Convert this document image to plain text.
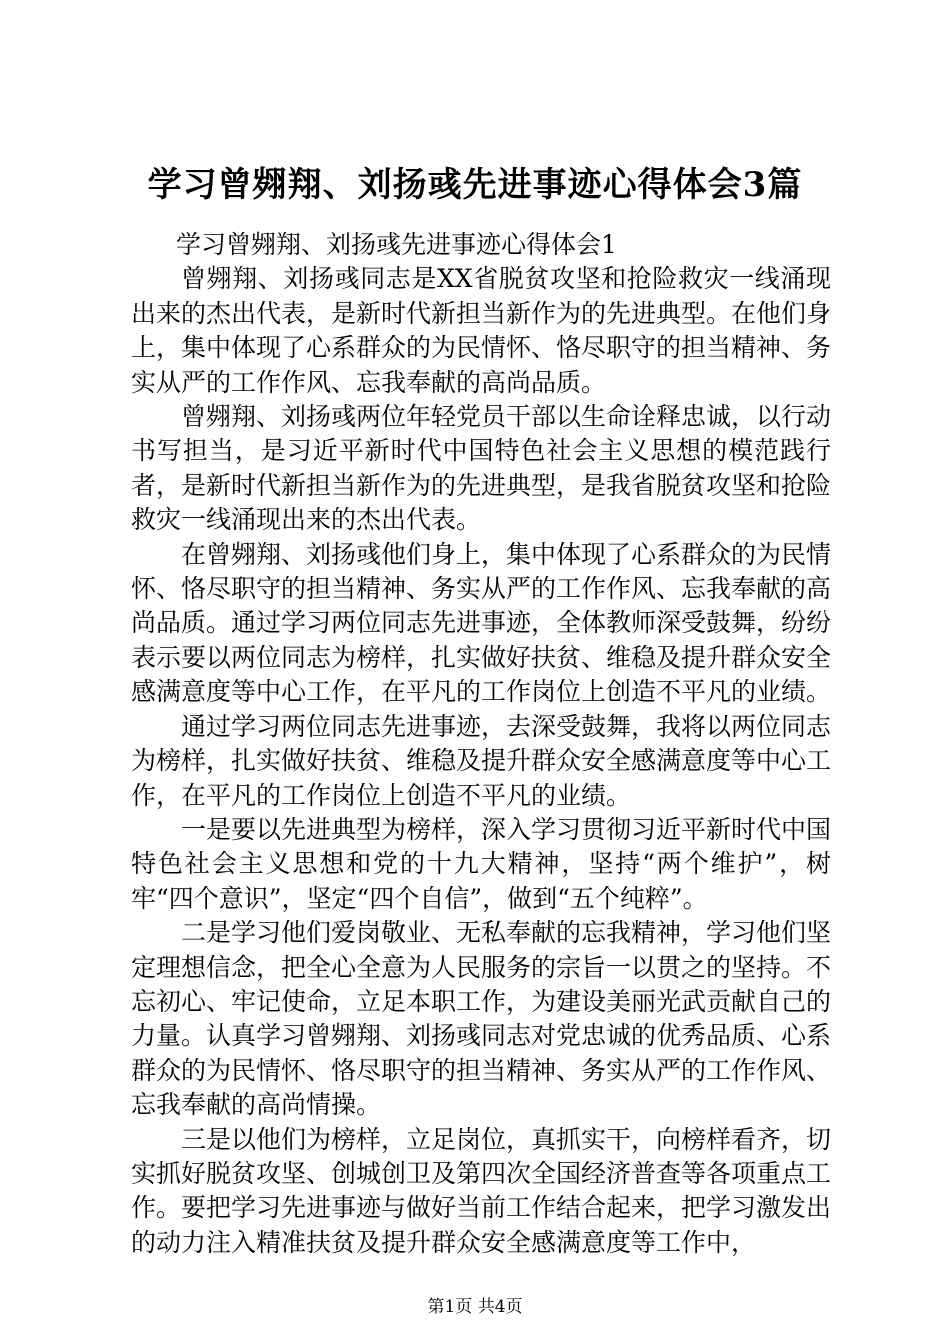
学习曾翙翔、刘扬彧先进事迹心得体会3篇

学习曾翙翔、刘扬彧先进事迹心得体会1

曾翙翔、刘扬彧同志是XX省脱贫攻坚和抢险救灾一线涌现出来的杰出代表，是新时代新担当新作为的先进典型。在他们身上，集中体现了心系群众的为民情怀、恪尽职守的担当精神、务实从严的工作作风、忘我奉献的高尚品质。

曾翙翔、刘扬彧两位年轻党员干部以生命诠释忠诚，以行动书写担当，是习近平新时代中国特色社会主义思想的模范践行者，是新时代新担当新作为的先进典型，是我省脱贫攻坚和抢险救灾一线涌现出来的杰出代表。

在曾翙翔、刘扬彧他们身上，集中体现了心系群众的为民情怀、恪尽职守的担当精神、务实从严的工作作风、忘我奉献的高尚品质。通过学习两位同志先进事迹，全体教师深受鼓舞，纷纷表示要以两位同志为榜样，扎实做好扶贫、维稳及提升群众安全感满意度等中心工作，在平凡的工作岗位上创造不平凡的业绩。

通过学习两位同志先进事迹，去深受鼓舞，我将以两位同志为榜样，扎实做好扶贫、维稳及提升群众安全感满意度等中心工作，在平凡的工作岗位上创造不平凡的业绩。

一是要以先进典型为榜样，深入学习贯彻习近平新时代中国特色社会主义思想和党的十九大精神，坚持“两个维护”，树牢“四个意识”，坚定“四个自信”，做到“五个纯粹”。

二是学习他们爱岗敬业、无私奉献的忘我精神，学习他们坚定理想信念，把全心全意为人民服务的宗旨一以贯之的坚持。不忘初心、牢记使命，立足本职工作，为建设美丽光武贡献自己的力量。认真学习曾翙翔、刘扬彧同志对党忠诚的优秀品质、心系群众的为民情怀、恪尽职守的担当精神、务实从严的工作作风、忘我奉献的高尚情操。

三是以他们为榜样，立足岗位，真抓实干，向榜样看齐，切实抓好脱贫攻坚、创城创卫及第四次全国经济普查等各项重点工作。要把学习先进事迹与做好当前工作结合起来，把学习激发出的动力注入精准扶贫及提升群众安全感满意度等工作中，

第1页 共4页
